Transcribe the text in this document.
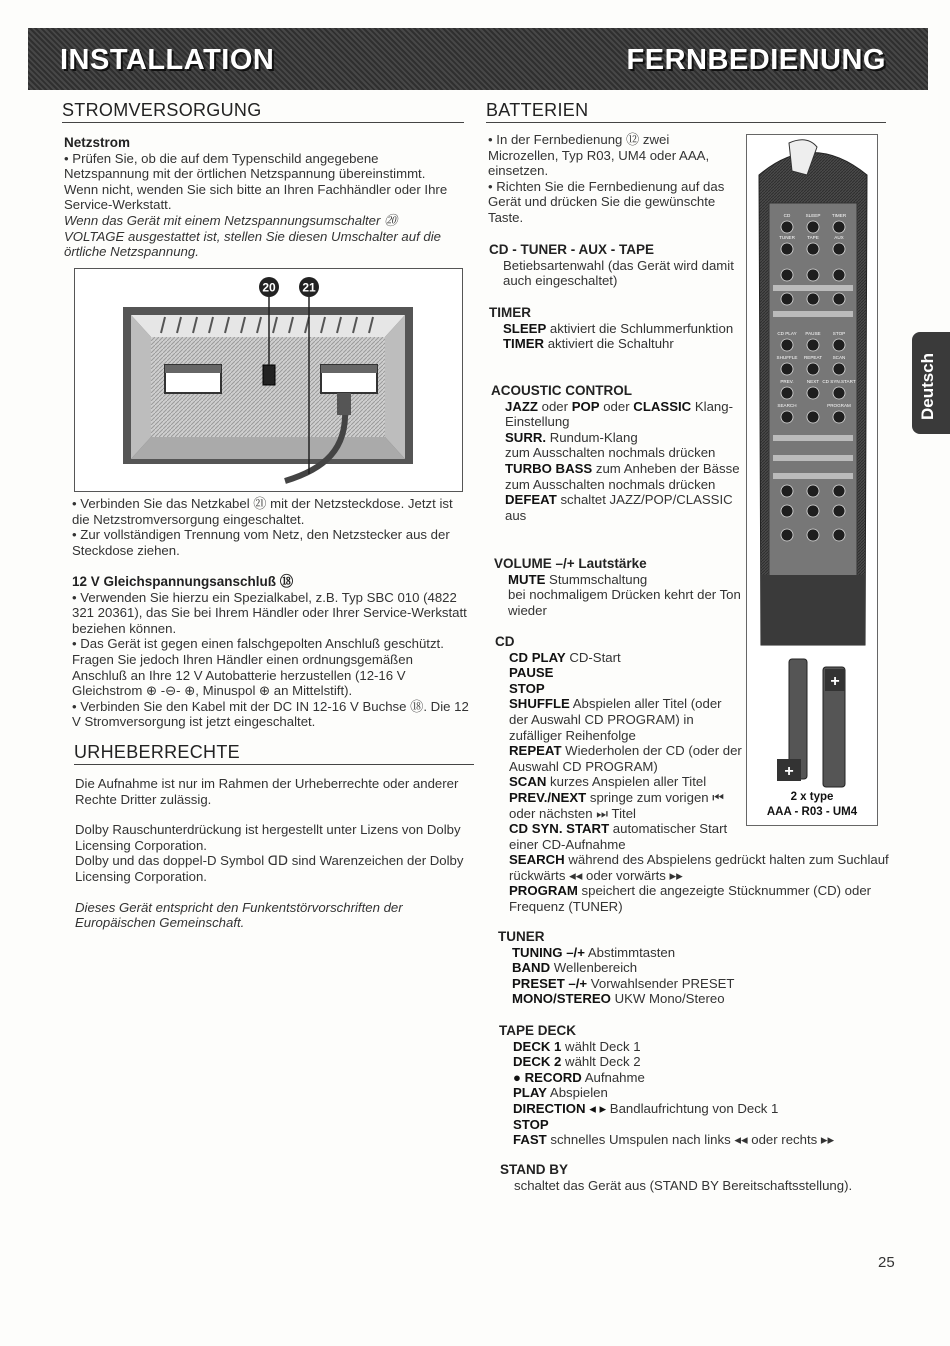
INSTALLATION	FERNBEDIENUNG
STROMVERSORGUNG

Netzstrom

• Prüfen Sie, ob die auf dem Typenschild angegebene Netzspannung mit der örtlichen Netzspannung übereinstimmt. Wenn nicht, wenden Sie sich bitte an Ihren Fachhändler oder Ihre Service-Werkstatt.

Wenn das Gerät mit einem Netzspannungsumschalter ⑳ VOLTAGE ausgestattet ist, stellen Sie diesen Umschalter auf die örtliche Netzspannung.

20 21

• Verbinden Sie das Netzkabel ㉑ mit der Netzsteckdose. Jetzt ist die Netzstromversorgung eingeschaltet.

• Zur vollständigen Trennung vom Netz, den Netzstecker aus der Steckdose ziehen.

12 V Gleichspannungsanschluß ⑱

• Verwenden Sie hierzu ein Spezialkabel, z.B. Typ SBC 010 (4822 321 20361), das Sie bei Ihrem Händler oder Ihrer Service-Werkstatt beziehen können.

• Das Gerät ist gegen einen falschgepolten Anschluß geschützt. Fragen Sie jedoch Ihren Händler einen ordnungsgemäßen Anschluß an Ihre 12 V Autobatterie herzustellen (12-16 V Gleichstrom ⊕ -⊖- ⊕, Minuspol ⊕ an Mittelstift).

• Verbinden Sie den Kabel mit der DC IN 12-16 V Buchse ⑱. Die 12 V Stromversorgung ist jetzt eingeschaltet.

URHEBERRECHTE

Die Aufnahme ist nur im Rahmen der Urheberrechte oder anderer Rechte Dritter zulässig.

Dolby Rauschunterdrückung ist hergestellt unter Lizens von Dolby Licensing Corporation.

Dolby und das doppel-D Symbol ᗡᗞ sind Warenzeichen der Dolby Licensing Corporation.

Dieses Gerät entspricht den Funkentstörvorschriften der Europäischen Gemeinschaft.

BATTERIEN

• In der Fernbedienung ⑫ zwei Microzellen, Typ R03, UM4 oder AAA, einsetzen.

• Richten Sie die Fernbedienung auf das Gerät und drücken Sie die gewünschte Taste.

CD - TUNER - AUX - TAPE

Betiebsartenwahl (das Gerät wird damit auch eingeschaltet)

TIMER

SLEEP aktiviert die Schlummerfunktion

TIMER aktiviert die Schaltuhr

ACOUSTIC CONTROL

JAZZ oder POP oder CLASSIC Klang-Einstellung

SURR. Rundum-Klang

zum Ausschalten nochmals drücken

TURBO BASS zum Anheben der Bässe

zum Ausschalten nochmals drücken

DEFEAT schaltet JAZZ/POP/CLASSIC aus

VOLUME –/+ Lautstärke

MUTE Stummschaltung

bei nochmaligem Drücken kehrt der Ton wieder

CD

CD PLAY CD-Start

PAUSE

STOP

SHUFFLE Abspielen aller Titel (oder der Auswahl CD PROGRAM) in zufälliger Reihenfolge

REPEAT Wiederholen der CD (oder der Auswahl CD PROGRAM)

SCAN kurzes Anspielen aller Titel

PREV./NEXT springe zum vorigen ⏮ oder nächsten ⏭ Titel

CD SYN. START automatischer Start einer CD-Aufnahme

SEARCH während des Abspielens gedrückt halten zum Suchlauf rückwärts ◂◂ oder vorwärts ▸▸

PROGRAM speichert die angezeigte Stücknummer (CD) oder Frequenz (TUNER)

TUNER

TUNING –/+ Abstimmtasten

BAND Wellenbereich

PRESET –/+ Vorwahlsender PRESET

MONO/STEREO UKW Mono/Stereo

TAPE DECK

DECK 1 wählt Deck 1

DECK 2 wählt Deck 2

● RECORD Aufnahme

PLAY Abspielen

DIRECTION ◂ ▸ Bandlaufrichtung von Deck 1

STOP

FAST schnelles Umspulen nach links ◂◂ oder rechts ▸▸

STAND BY

schaltet das Gerät aus (STAND BY Bereitschaftsstellung).

CD	SLEEP TIMER
TUNER	TAPE	AUX
CD PLAY PAUSE	STOP
SHUFFLE REPEAT SCAN
PREV.	NEXT CD SYN.START
SEARCH	PROGRAM
+
+
2 x type
AAA - R03 - UM4
Deutsch
25
